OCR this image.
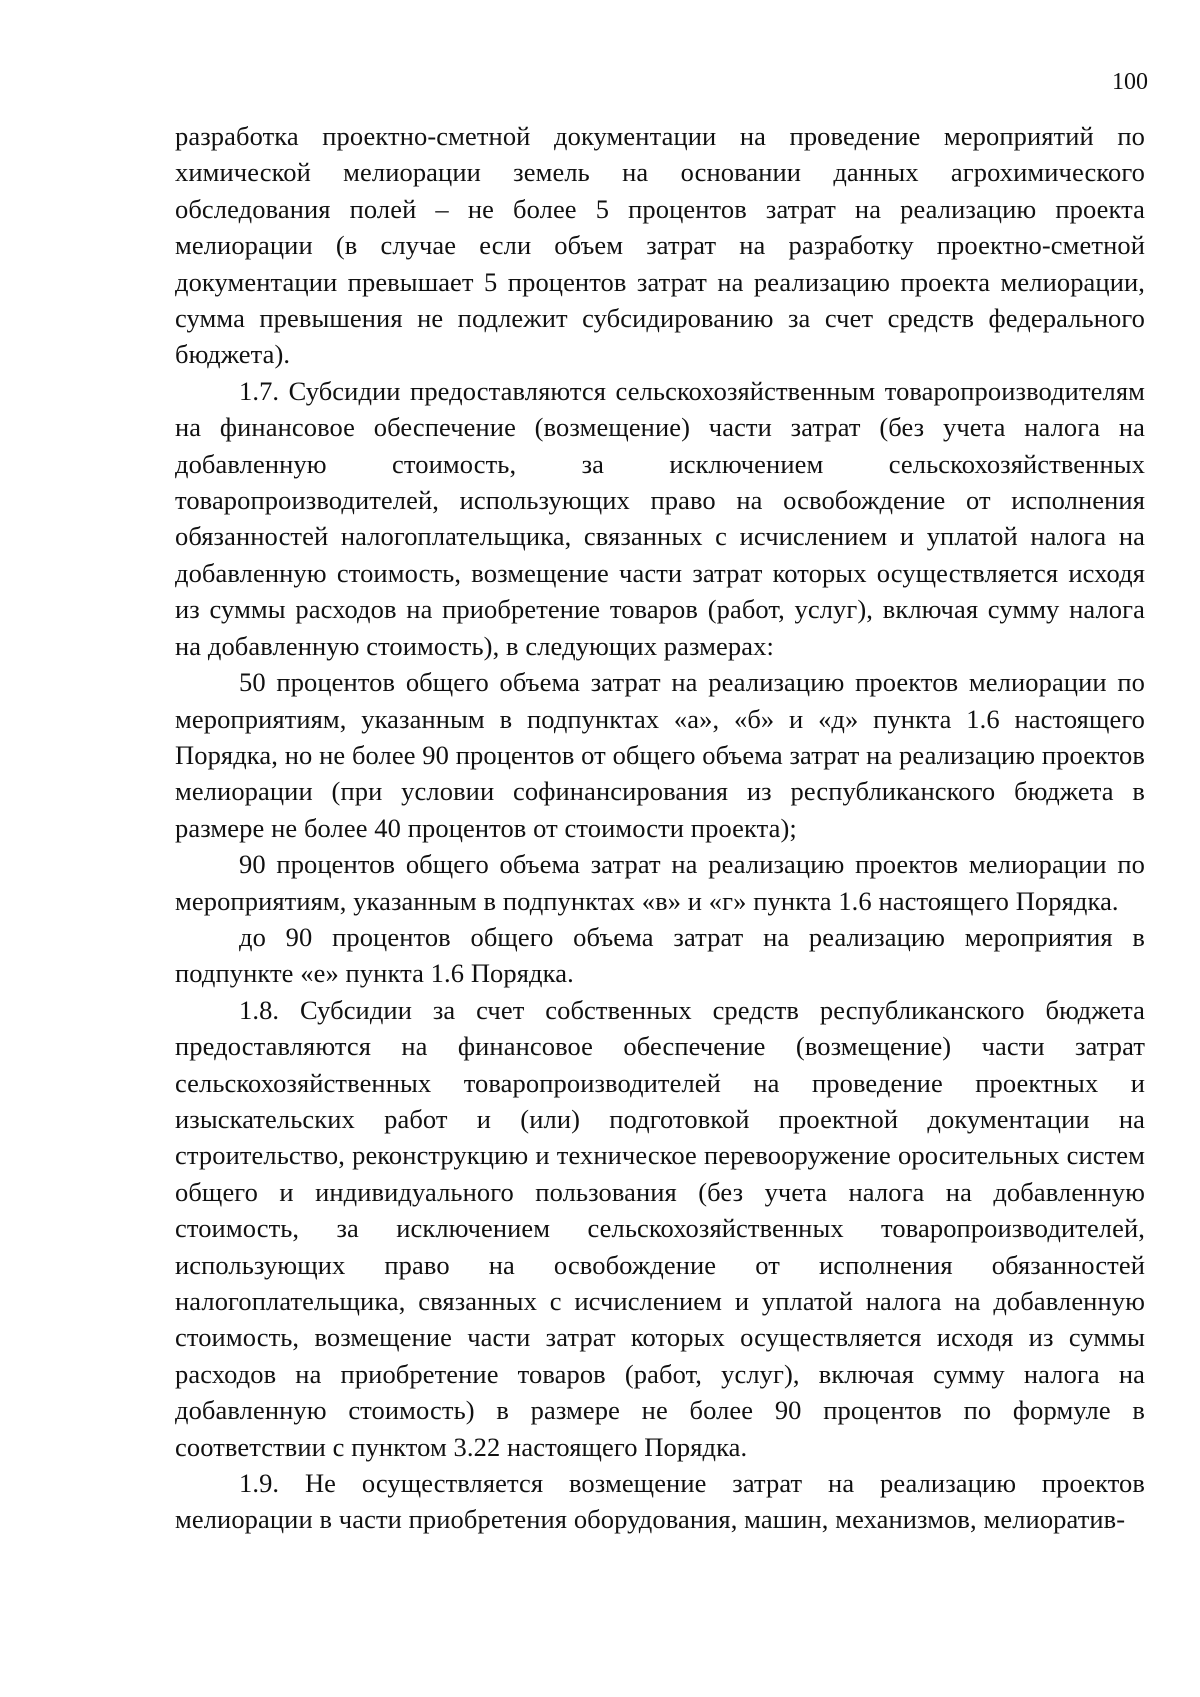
100

разработка проектно-сметной документации на проведение мероприятий по химической мелиорации земель на основании данных агрохимического обследования полей – не более 5 процентов затрат на реализацию проекта мелиорации (в случае если объем затрат на разработку проектно-сметной документации превышает 5 процентов затрат на реализацию проекта мелиорации, сумма превышения не подлежит субсидированию за счет средств федерального бюджета).

1.7. Субсидии предоставляются сельскохозяйственным товаропроизводителям на финансовое обеспечение (возмещение) части затрат (без учета налога на добавленную стоимость, за исключением сельскохозяйственных товаропроизводителей, использующих право на освобождение от исполнения обязанностей налогоплательщика, связанных с исчислением и уплатой налога на добавленную стоимость, возмещение части затрат которых осуществляется исходя из суммы расходов на приобретение товаров (работ, услуг), включая сумму налога на добавленную стоимость), в следующих размерах:

50 процентов общего объема затрат на реализацию проектов мелиорации по мероприятиям, указанным в подпунктах «а», «б» и «д» пункта 1.6 настоящего Порядка, но не более 90 процентов от общего объема затрат на реализацию проектов мелиорации (при условии софинансирования из республиканского бюджета в размере не более 40 процентов от стоимости проекта);

90 процентов общего объема затрат на реализацию проектов мелиорации по мероприятиям, указанным в подпунктах «в» и «г» пункта 1.6 настоящего Порядка.

до 90 процентов общего объема затрат на реализацию мероприятия в подпункте «е» пункта 1.6 Порядка.

1.8. Субсидии за счет собственных средств республиканского бюджета предоставляются на финансовое обеспечение (возмещение) части затрат сельскохозяйственных товаропроизводителей на проведение проектных и изыскательских работ и (или) подготовкой проектной документации на строительство, реконструкцию и техническое перевооружение оросительных систем общего и индивидуального пользования (без учета налога на добавленную стоимость, за исключением сельскохозяйственных товаропроизводителей, использующих право на освобождение от исполнения обязанностей налогоплательщика, связанных с исчислением и уплатой налога на добавленную стоимость, возмещение части затрат которых осуществляется исходя из суммы расходов на приобретение товаров (работ, услуг), включая сумму налога на добавленную стоимость) в размере не более 90 процентов по формуле в соответствии с пунктом 3.22 настоящего Порядка.

1.9. Не осуществляется возмещение затрат на реализацию проектов мелиорации в части приобретения оборудования, машин, механизмов, мелиоратив-
